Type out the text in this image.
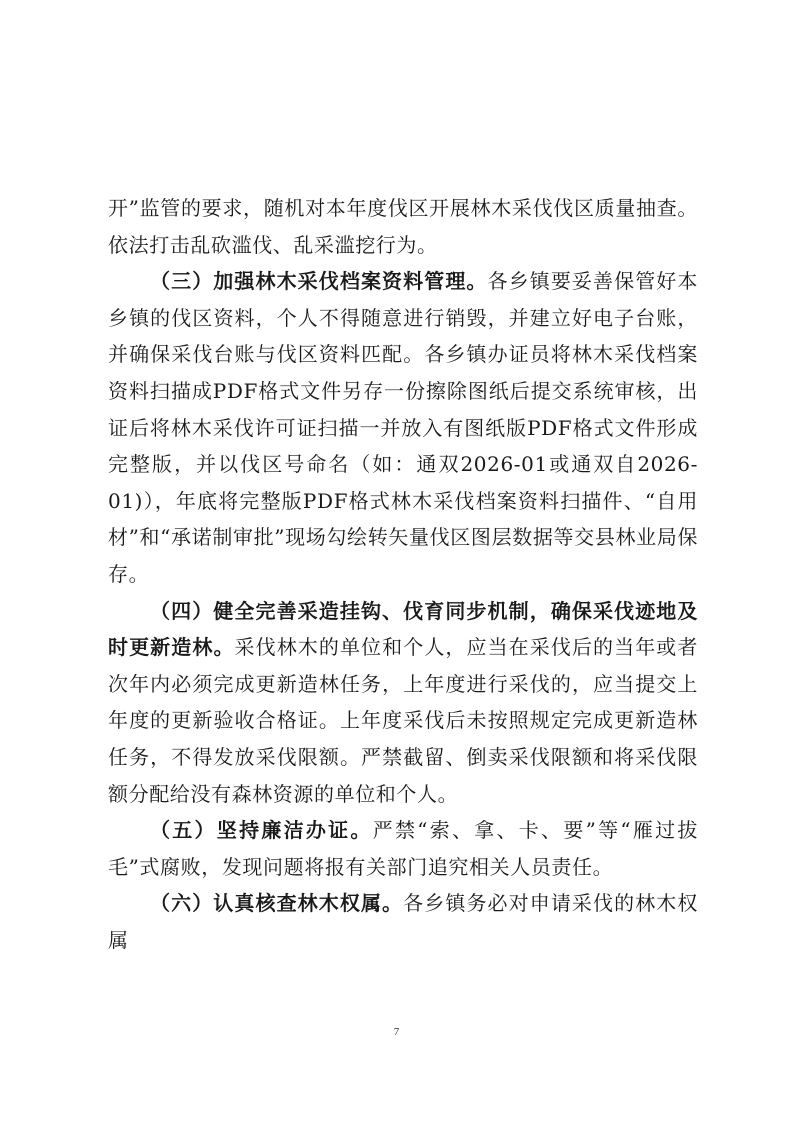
开”监管的要求，随机对本年度伐区开展林木采伐伐区质量抽查。依法打击乱砍滥伐、乱采滥挖行为。

（三）加强林木采伐档案资料管理。各乡镇要妥善保管好本乡镇的伐区资料，个人不得随意进行销毁，并建立好电子台账，并确保采伐台账与伐区资料匹配。各乡镇办证员将林木采伐档案资料扫描成PDF格式文件另存一份擦除图纸后提交系统审核，出证后将林木采伐许可证扫描一并放入有图纸版PDF格式文件形成完整版，并以伐区号命名（如：通双2026-01或通双自2026-01)），年底将完整版PDF格式林木采伐档案资料扫描件、“自用材”和“承诺制审批”现场勾绘转矢量伐区图层数据等交县林业局保存。

（四）健全完善采造挂钩、伐育同步机制，确保采伐迹地及时更新造林。采伐林木的单位和个人，应当在采伐后的当年或者次年内必须完成更新造林任务，上年度进行采伐的，应当提交上年度的更新验收合格证。上年度采伐后未按照规定完成更新造林任务，不得发放采伐限额。严禁截留、倒卖采伐限额和将采伐限额分配给没有森林资源的单位和个人。

（五）坚持廉洁办证。严禁“索、拿、卡、要”等“雁过拔毛”式腐败，发现问题将报有关部门追究相关人员责任。

（六）认真核查林木权属。各乡镇务必对申请采伐的林木权属

7
